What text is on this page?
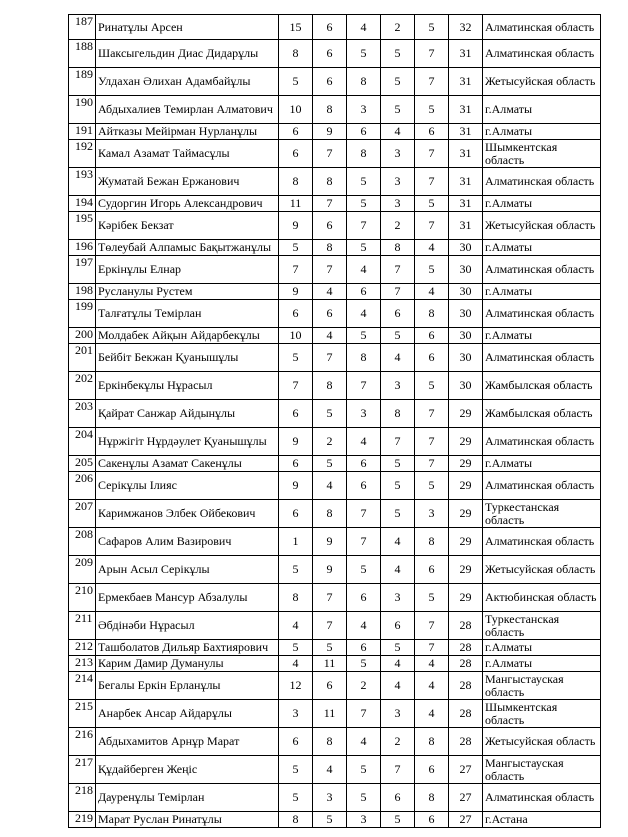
187	Ринатұлы Арсен	15	6	4	2	5	32	Алматинская область
188	Шаксыгельдин Диас Дидарұлы	8	6	5	5	7	31	Алматинская область
189	Улдахан Әлихан Адамбайұлы	5	6	8	5	7	31	Жетысуйская область
190	Абдыхалиев Темирлан Алматович	10	8	3	5	5	31	г.Алматы
191	Айтказы Мейірман Нурланұлы	6	9	6	4	6	31	г.Алматы
192	Камал Азамат Таймасұлы	6	7	8	3	7	31	Шымкентская область
193	Жуматай Бежан Ержанович	8	8	5	3	7	31	Алматинская область
194	Судоргин Игорь Александрович	11	7	5	3	5	31	г.Алматы
195	Кәрібек Бекзат	9	6	7	2	7	31	Жетысуйская область
196	Төлеубай Алпамыс Бақытжанұлы	5	8	5	8	4	30	г.Алматы
197	Еркінұлы Елнар	7	7	4	7	5	30	Алматинская область
198	Русланулы Рустем	9	4	6	7	4	30	г.Алматы
199	Талғатұлы Темірлан	6	6	4	6	8	30	Алматинская область
200	Молдабек Айқын Айдарбекұлы	10	4	5	5	6	30	г.Алматы
201	Бейбіт Бекжан Қуанышұлы	5	7	8	4	6	30	Алматинская область
202	Еркінбекұлы Нұрасыл	7	8	7	3	5	30	Жамбылская область
203	Қайрат Санжар Айдынұлы	6	5	3	8	7	29	Жамбылская область
204	Нұржігіт Нұрдәулет Қуанышұлы	9	2	4	7	7	29	Алматинская область
205	Сакенұлы Азамат Сакенұлы	6	5	6	5	7	29	г.Алматы
206	Серікұлы Ілияс	9	4	6	5	5	29	Алматинская область
207	Каримжанов Элбек Ойбекович	6	8	7	5	3	29	Туркестанская область
208	Сафаров Алим Вазирович	1	9	7	4	8	29	Алматинская область
209	Арын Асыл Серікұлы	5	9	5	4	6	29	Жетысуйская область
210	Ермекбаев Мансур Абзалулы	8	7	6	3	5	29	Актюбинская область
211	Әбдінәби Нұрасыл	4	7	4	6	7	28	Туркестанская область
212	Ташболатов Дильяр Бахтиярович	5	5	6	5	7	28	г.Алматы
213	Карим Дамир Думанулы	4	11	5	4	4	28	г.Алматы
214	Бегалы Еркін Ерланұлы	12	6	2	4	4	28	Мангыстауская область
215	Анарбек Ансар Айдарұлы	3	11	7	3	4	28	Шымкентская область
216	Абдыхамитов Арнұр Марат	6	8	4	2	8	28	Жетысуйская область
217	Құдайберген Жеңіс	5	4	5	7	6	27	Мангыстауская область
218	Дауренұлы Темірлан	5	3	5	6	8	27	Алматинская область
219	Марат Руслан Ринатұлы	8	5	3	5	6	27	г.Астана
